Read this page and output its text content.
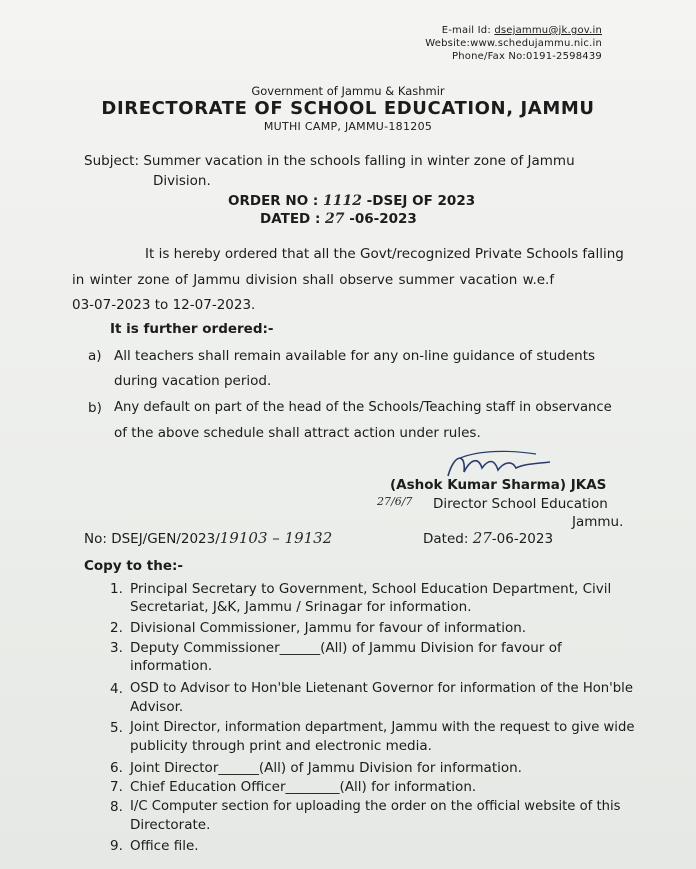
E-mail Id: dsejammu@jk.gov.in
Website:www.schedujammu.nic.in
Phone/Fax No:0191-2598439
Government of Jammu & Kashmir
DIRECTORATE OF SCHOOL EDUCATION, JAMMU
MUTHI CAMP, JAMMU-181205
Subject: Summer vacation in the schools falling in winter zone of Jammu
Division.
ORDER NO : 1112 -DSEJ OF 2023
DATED : 27 -06-2023
It is hereby ordered that all the Govt/recognized Private Schools falling
in winter zone of Jammu division shall observe summer vacation w.e.f
03-07-2023 to 12-07-2023.
It is further ordered:-
a) All teachers shall remain available for any on-line guidance of students
during vacation period.
b) Any default on part of the head of the Schools/Teaching staff in observance
of the above schedule shall attract action under rules.
(Ashok Kumar Sharma) JKAS
27/6/7 Director School Education
Jammu.
No: DSEJ/GEN/2023/19103 – 19132	Dated: 27-06-2023
Copy to the:-
1. Principal Secretary to Government, School Education Department, Civil
Secretariat, J&K, Jammu / Srinagar for information.
2. Divisional Commissioner, Jammu for favour of information.
3. Deputy Commissioner______(All) of Jammu Division for favour of
information.
4. OSD to Advisor to Hon'ble Lietenant Governor for information of the Hon'ble
Advisor.
5. Joint Director, information department, Jammu with the request to give wide
publicity through print and electronic media.
6. Joint Director______(All) of Jammu Division for information.
7. Chief Education Officer________(All) for information.
8. I/C Computer section for uploading the order on the official website of this
Directorate.
9. Office file.
